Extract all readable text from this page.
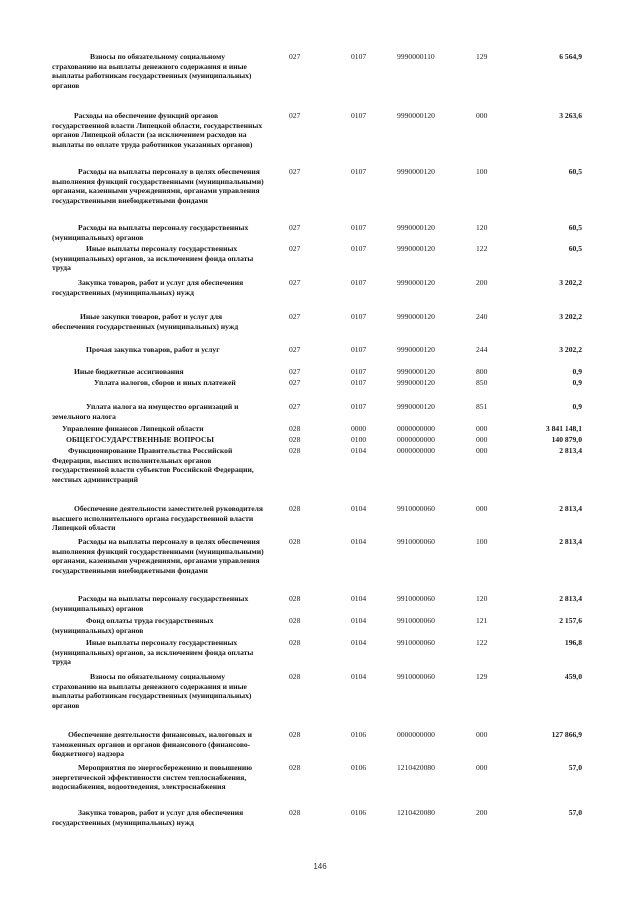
Взносы по обязательному социальному страхованию на выплаты денежного содержания и иные выплаты работникам государственных (муниципальных) органов
027	0107	9990000110	129	6 564,9
Расходы на обеспечение функций органов государственной власти Липецкой области, государственных органов Липецкой области (за исключением расходов на выплаты по оплате труда работников указанных органов)
027	0107	9990000120	000	3 263,6
Расходы на выплаты персоналу в целях обеспечения выполнения функций государственными (муниципальными) органами, казенными учреждениями, органами управления государственными внебюджетными фондами
027	0107	9990000120	100	60,5
Расходы на выплаты персоналу государственных (муниципальных) органов
027	0107	9990000120	120	60,5
Иные выплаты персоналу государственных (муниципальных) органов, за исключением фонда оплаты труда
027	0107	9990000120	122	60,5
Закупка товаров, работ и услуг для обеспечения государственных (муниципальных) нужд
027	0107	9990000120	200	3 202,2
Иные закупки товаров, работ и услуг для обеспечения государственных (муниципальных) нужд
027	0107	9990000120	240	3 202,2
Прочая закупка товаров, работ и услуг	027	0107	9990000120	244	3 202,2
Иные бюджетные ассигнования	027	0107	9990000120	800	0,9
Уплата налогов, сборов и иных платежей	027	0107	9990000120	850	0,9
Уплата налога на имущество организаций и земельного налога
027	0107	9990000120	851	0,9
Управление финансов Липецкой области	028	0000	0000000000	000	3 841 148,1
ОБЩЕГОСУДАРСТВЕННЫЕ ВОПРОСЫ	028	0100	0000000000	000	140 879,0
Функционирование Правительства Российской Федерации, высших исполнительных органов государственной власти субъектов Российской Федерации, местных администраций
028	0104	0000000000	000	2 813,4
Обеспечение деятельности заместителей руководителя высшего исполнительного органа государственной власти Липецкой области
028	0104	9910000060	000	2 813,4
Расходы на выплаты персоналу в целях обеспечения выполнения функций государственными (муниципальными) органами, казенными учреждениями, органами управления государственными внебюджетными фондами
028	0104	9910000060	100	2 813,4
Расходы на выплаты персоналу государственных (муниципальных) органов
028	0104	9910000060	120	2 813,4
Фонд оплаты труда государственных (муниципальных) органов
028	0104	9910000060	121	2 157,6
Иные выплаты персоналу государственных (муниципальных) органов, за исключением фонда оплаты труда
028	0104	9910000060	122	196,8
Взносы по обязательному социальному страхованию на выплаты денежного содержания и иные выплаты работникам государственных (муниципальных) органов
028	0104	9910000060	129	459,0
Обеспечение деятельности финансовых, налоговых и таможенных органов и органов финансового (финансово-бюджетного) надзора
028	0106	0000000000	000	127 866,9
Мероприятия по энергосбережению и повышению энергетической эффективности систем теплоснабжения, водоснабжения, водоотведения, электроснабжения
028	0106	1210420080	000	57,0
Закупка товаров, работ и услуг для обеспечения государственных (муниципальных) нужд
028	0106	1210420080	200	57,0
146
